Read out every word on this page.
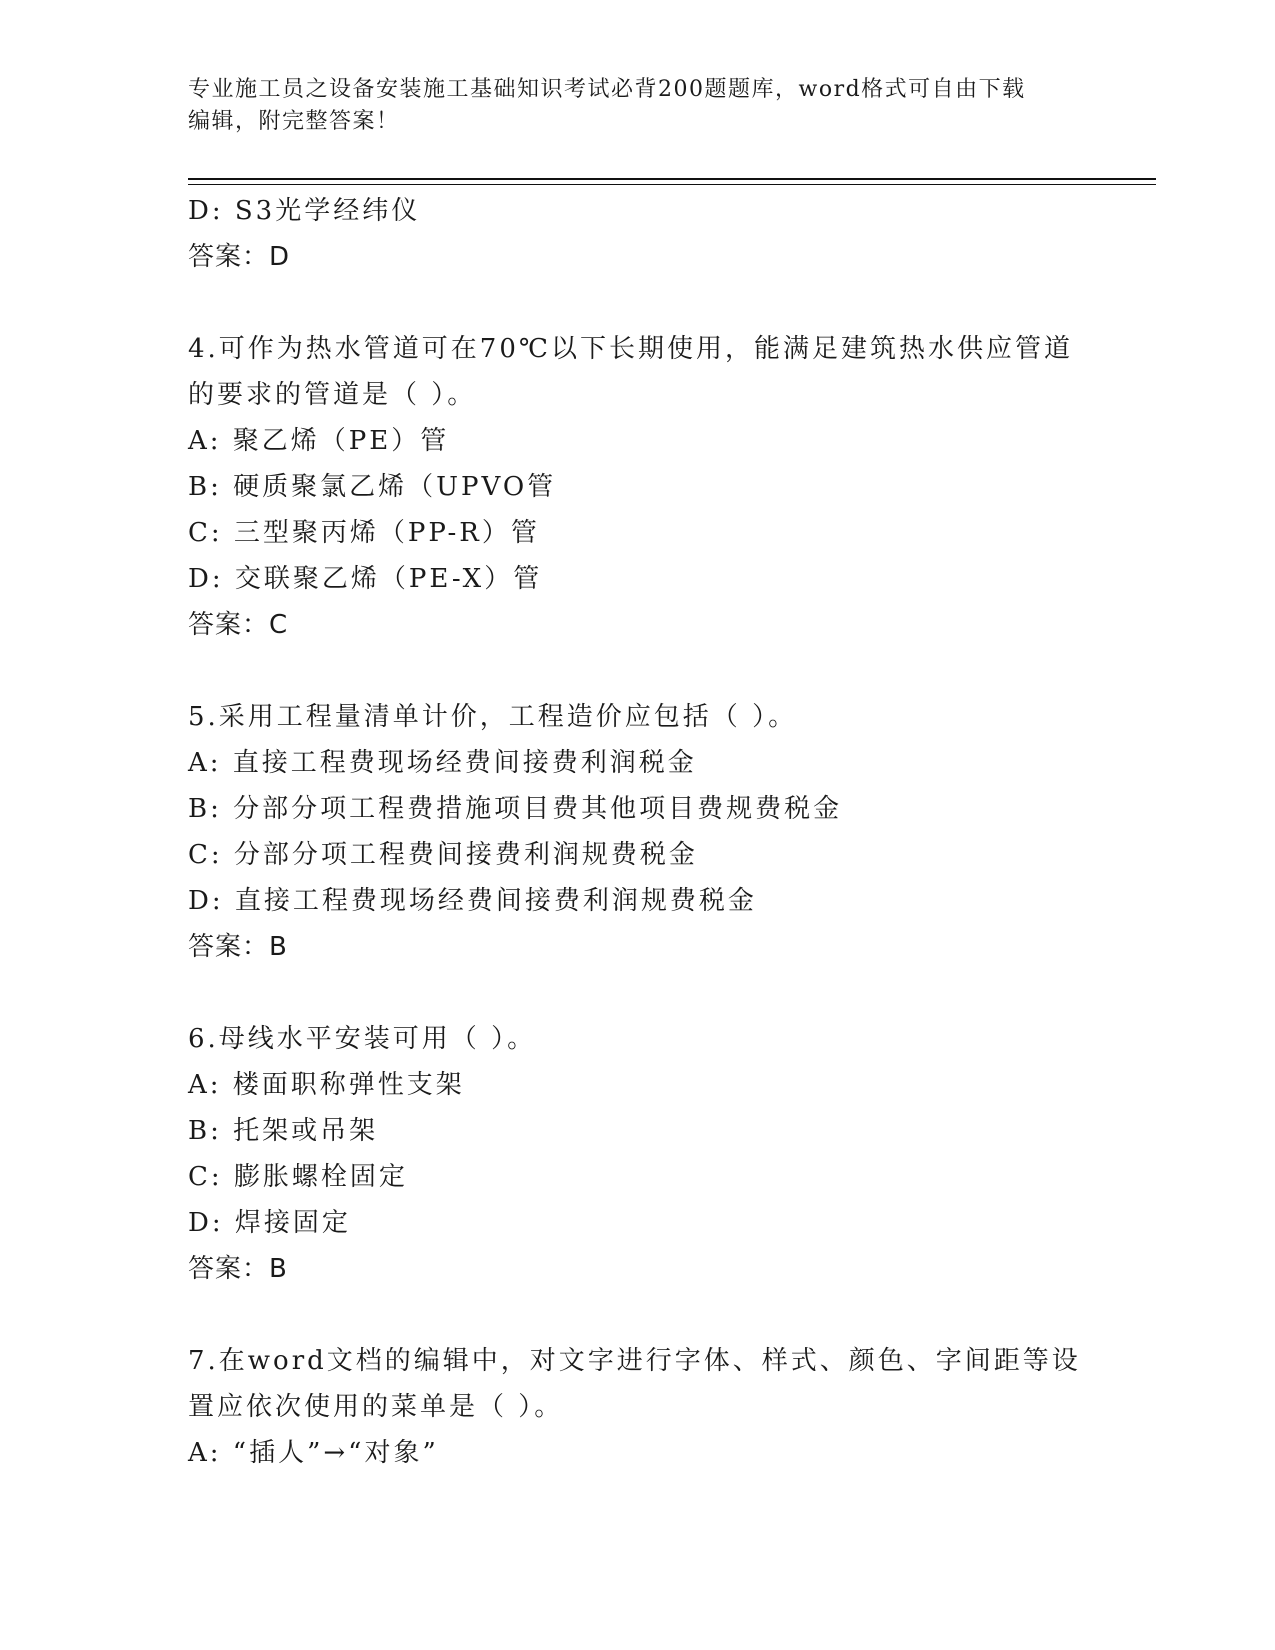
专业施工员之设备安装施工基础知识考试必背200题题库，word格式可自由下载
编辑，附完整答案！
D: S3光学经纬仪
答案：D
4.可作为热水管道可在70℃以下长期使用，能满足建筑热水供应管道
的要求的管道是（ ）。
A: 聚乙烯（PE）管
B: 硬质聚氯乙烯（UPVO管
C: 三型聚丙烯（PP-R）管
D: 交联聚乙烯（PE-X）管
答案：C
5.采用工程量清单计价，工程造价应包括（ ）。
A: 直接工程费现场经费间接费利润税金
B: 分部分项工程费措施项目费其他项目费规费税金
C: 分部分项工程费间接费利润规费税金
D: 直接工程费现场经费间接费利润规费税金
答案：B
6.母线水平安装可用（ ）。
A: 楼面职称弹性支架
B: 托架或吊架
C: 膨胀螺栓固定
D: 焊接固定
答案：B
7.在word文档的编辑中，对文字进行字体、样式、颜色、字间距等设
置应依次使用的菜单是（ ）。
A: “插人”→“对象”
